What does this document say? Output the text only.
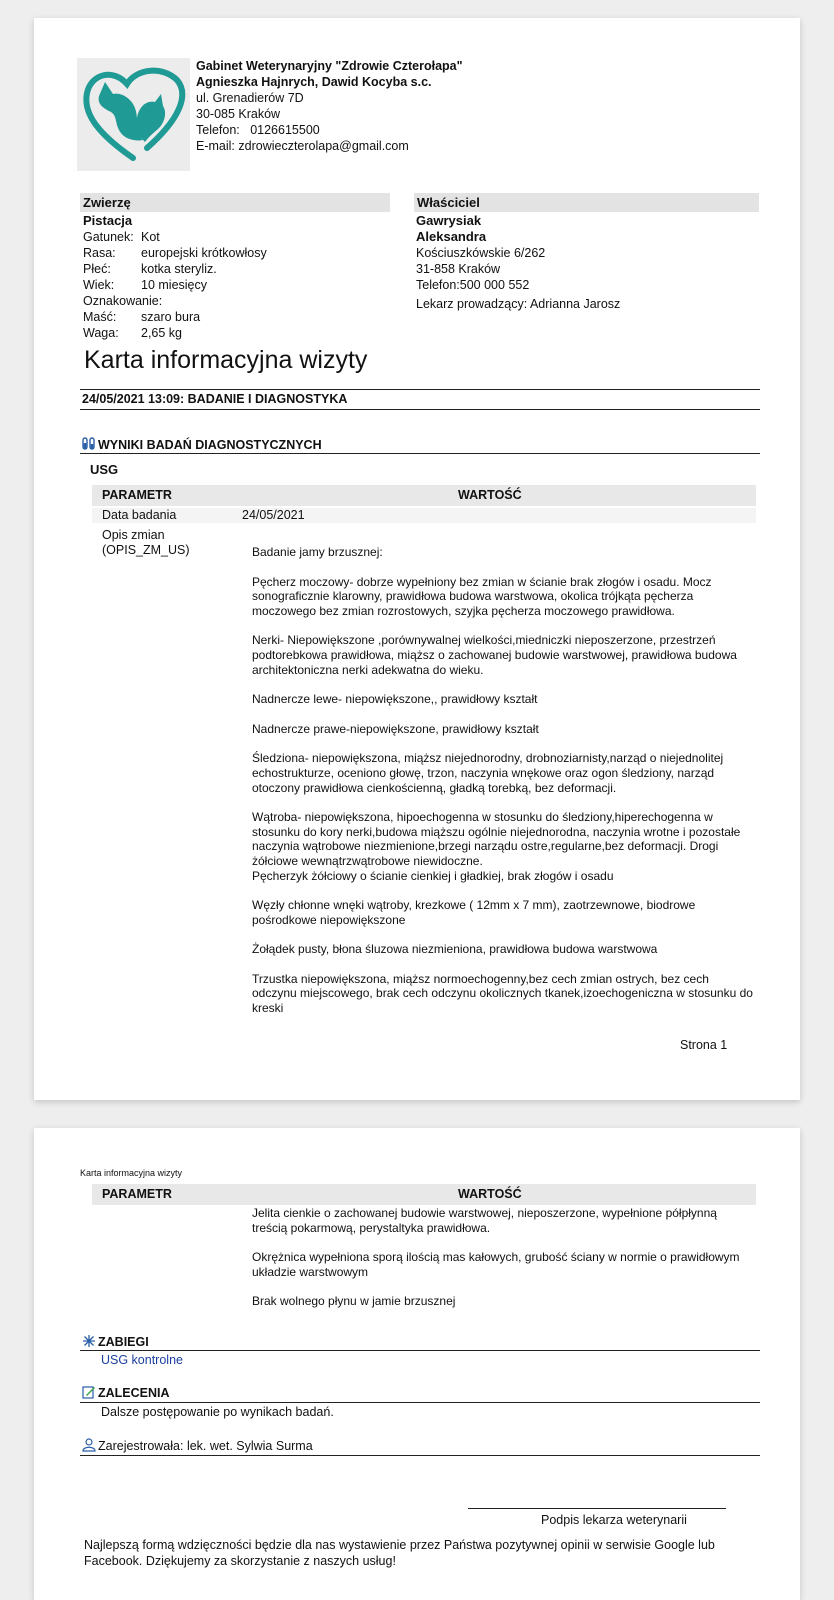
Gabinet Weterynaryjny "Zdrowie Czterołapa"
Agnieszka Hajnrych, Dawid Kocyba s.c.
ul. Grenadierów 7D
30-085 Kraków
Telefon: 0126615500
E-mail: zdrowieczterolapa@gmail.com
Zwierzę
Pistacja
Gatunek: Kot
Rasa:	europejski krótkowłosy
Płeć:	kotka steryliz.
Wiek:	10 miesięcy
Oznakowanie:
Maść:	szaro bura
Waga:	2,65 kg
Właściciel
Gawrysiak
Aleksandra
Kościuszkówskie 6/262
31-858 Kraków
Telefon:500 000 552
Lekarz prowadzący: Adrianna Jarosz
Karta informacyjna wizyty
24/05/2021 13:09: BADANIE I DIAGNOSTYKA
WYNIKI BADAŃ DIAGNOSTYCZNYCH
USG
PARAMETR	WARTOŚĆ
Data badania	24/05/2021
Opis zmian
(OPIS_ZM_US)	Badanie jamy brzusznej:
Pęcherz moczowy- dobrze wypełniony bez zmian w ścianie brak złogów i osadu. Mocz sonograficznie klarowny, prawidłowa budowa warstwowa, okolica trójkąta pęcherza moczowego bez zmian rozrostowych, szyjka pęcherza moczowego prawidłowa.
Nerki- Niepowiększone ,porównywalnej wielkości,miedniczki nieposzerzone, przestrzeń podtorebkowa prawidłowa, miąższ o zachowanej budowie warstwowej, prawidłowa budowa architektoniczna nerki adekwatna do wieku.
Nadnercze lewe- niepowiększone,, prawidłowy kształt
Nadnercze prawe-niepowiększone, prawidłowy kształt
Śledziona- niepowiększona, miąższ niejednorodny, drobnoziarnisty,narząd o niejednolitej echostrukturze, oceniono głowę, trzon, naczynia wnękowe oraz ogon śledziony, narząd otoczony prawidłowa cienkościenną, gładką torebką, bez deformacji.
Wątroba- niepowiększona, hipoechogenna w stosunku do śledziony,hiperechogenna w stosunku do kory nerki,budowa miąższu ogólnie niejednorodna, naczynia wrotne i pozostałe naczynia wątrobowe niezmienione,brzegi narządu ostre,regularne,bez deformacji. Drogi żółciowe wewnątrzwątrobowe niewidoczne.
Pęcherzyk żółciowy o ścianie cienkiej i gładkiej, brak złogów i osadu
Węzły chłonne wnęki wątroby, krezkowe ( 12mm x 7 mm), zaotrzewnowe, biodrowe pośrodkowe niepowiększone
Żołądek pusty, błona śluzowa niezmieniona, prawidłowa budowa warstwowa
Trzustka niepowiększona, miąższ normoechogenny,bez cech zmian ostrych, bez cech odczynu miejscowego, brak cech odczynu okolicznych tkanek,izoechogeniczna w stosunku do kreski
Strona 1
Karta informacyjna wizyty
PARAMETR	WARTOŚĆ
Jelita cienkie o zachowanej budowie warstwowej, nieposzerzone, wypełnione półpłynną treścią pokarmową, perystaltyka prawidłowa.
Okrężnica wypełniona sporą ilością mas kałowych, grubość ściany w normie o prawidłowym układzie warstwowym
Brak wolnego płynu w jamie brzusznej
ZABIEGI
USG kontrolne
ZALECENIA
Dalsze postępowanie po wynikach badań.
Zarejestrowała: lek. wet. Sylwia Surma
Podpis lekarza weterynarii
Najlepszą formą wdzięczności będzie dla nas wystawienie przez Państwa pozytywnej opinii w serwisie Google lub Facebook. Dziękujemy za skorzystanie z naszych usług!
